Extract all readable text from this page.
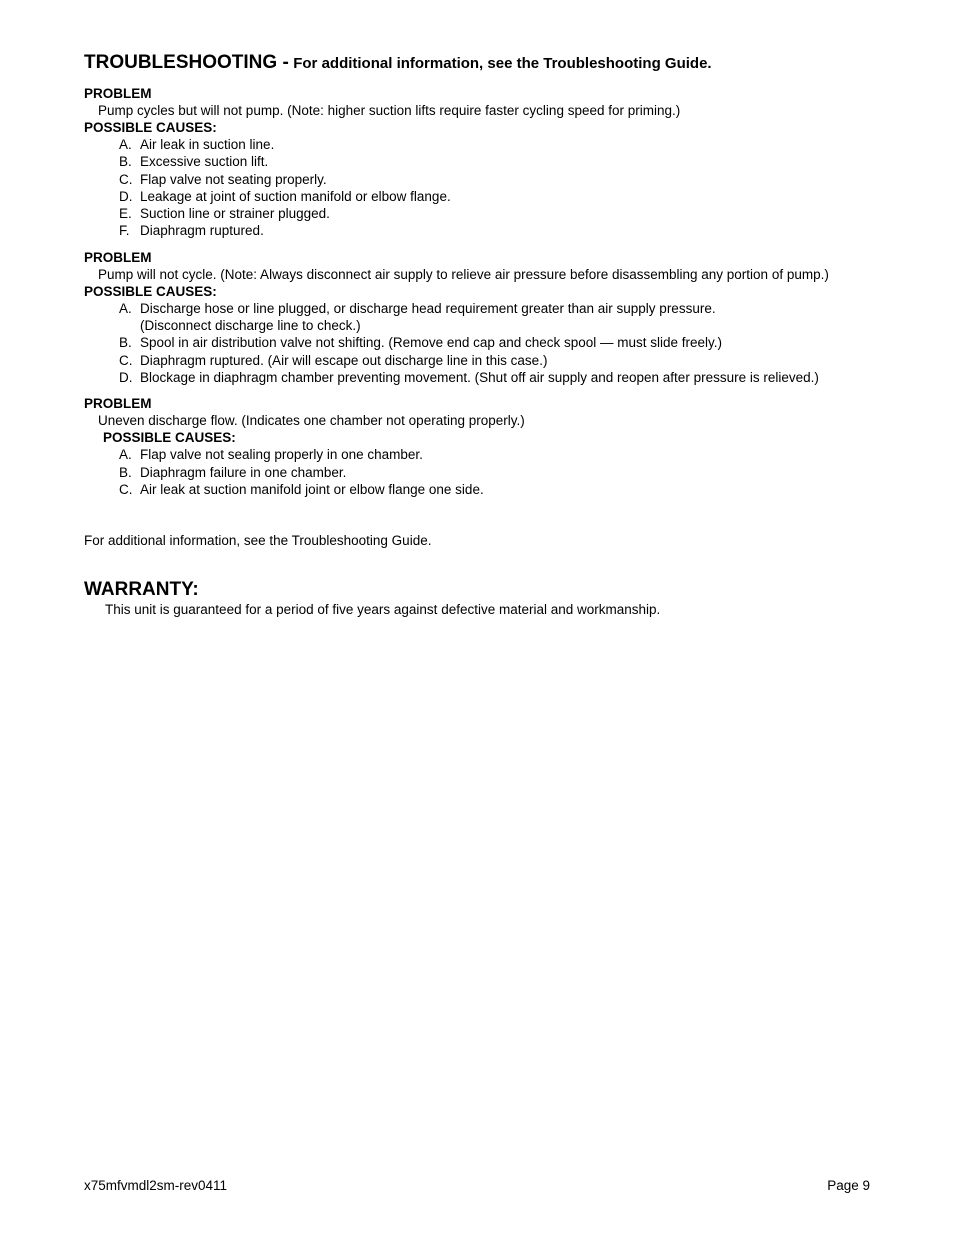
TROUBLESHOOTING - For additional information, see the Troubleshooting Guide.
PROBLEM
Pump cycles but will not pump. (Note: higher suction lifts require faster cycling speed for priming.)
POSSIBLE CAUSES:
A. Air leak in suction line.
B. Excessive suction lift.
C. Flap valve not seating properly.
D. Leakage at joint of suction manifold or elbow flange.
E. Suction line or strainer plugged.
F. Diaphragm ruptured.
PROBLEM
Pump will not cycle. (Note: Always disconnect air supply to relieve air pressure before disassembling any portion of pump.)
POSSIBLE CAUSES:
A. Discharge hose or line plugged, or discharge head requirement greater than air supply pressure.
(Disconnect discharge line to check.)
B. Spool in air distribution valve not shifting. (Remove end cap and check spool — must slide freely.)
C. Diaphragm ruptured. (Air will escape out discharge line in this case.)
D. Blockage in diaphragm chamber preventing movement. (Shut off air supply and reopen after pressure is relieved.)
PROBLEM
Uneven discharge flow. (Indicates one chamber not operating properly.)
POSSIBLE CAUSES:
A. Flap valve not sealing properly in one chamber.
B. Diaphragm failure in one chamber.
C. Air leak at suction manifold joint or elbow flange one side.
For additional information, see the Troubleshooting Guide.
WARRANTY:
This unit is guaranteed for a period of five years against defective material and workmanship.
x75mfvmdl2sm-rev0411	Page 9
